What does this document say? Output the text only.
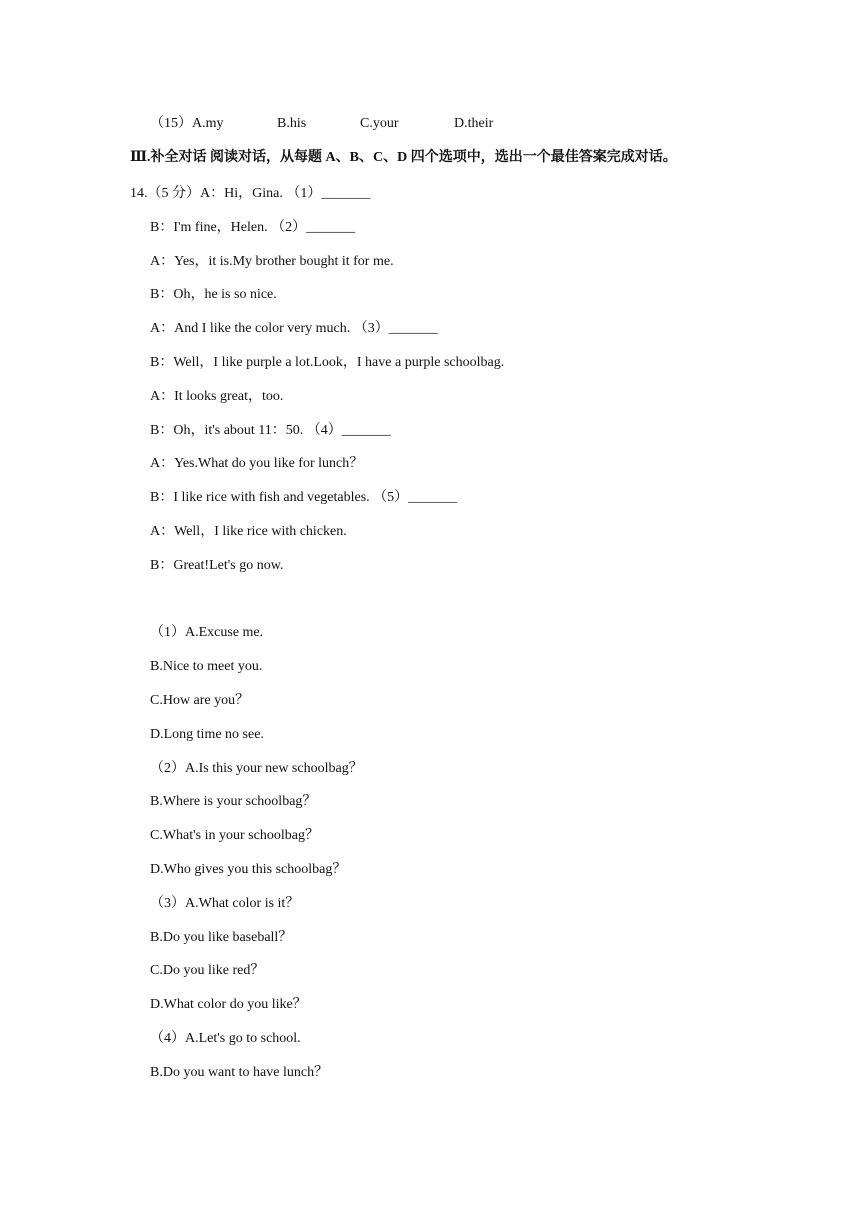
（15）A.my	B.his	C.your	D.their
Ⅲ.补全对话 阅读对话，从每题 A、B、C、D 四个选项中，选出一个最佳答案完成对话。
14.（5 分）A：Hi，Gina. （1）_______
B：I'm fine，Helen. （2）_______
A：Yes，it is.My brother bought it for me.
B：Oh，he is so nice.
A：And I like the color very much. （3）_______
B：Well，I like purple a lot.Look，I have a purple schoolbag.
A：It looks great，too.
B：Oh，it's about 11：50. （4）_______
A：Yes.What do you like for lunch？
B：I like rice with fish and vegetables. （5）_______
A：Well，I like rice with chicken.
B：Great!Let's go now.
（1）A.Excuse me.
B.Nice to meet you.
C.How are you？
D.Long time no see.
（2）A.Is this your new schoolbag？
B.Where is your schoolbag？
C.What's in your schoolbag？
D.Who gives you this schoolbag？
（3）A.What color is it？
B.Do you like baseball？
C.Do you like red？
D.What color do you like？
（4）A.Let's go to school.
B.Do you want to have lunch？
